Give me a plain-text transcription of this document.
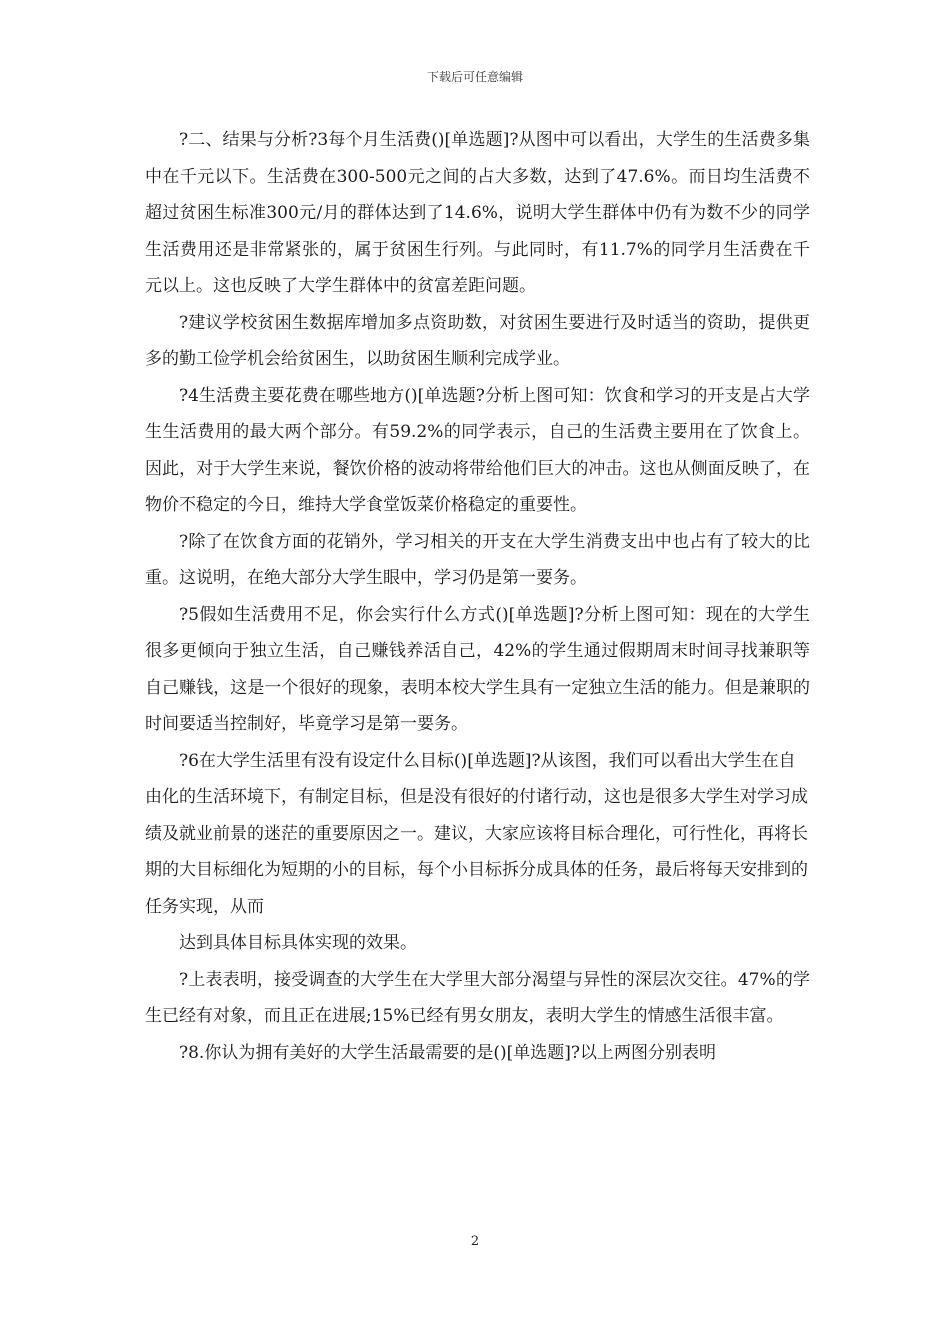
下载后可任意编辑

?二、结果与分析?3每个月生活费()[单选题]?从图中可以看出，大学生的生活费多集中在千元以下。生活费在300-500元之间的占大多数，达到了47.6%。而日均生活费不超过贫困生标准300元/月的群体达到了14.6%，说明大学生群体中仍有为数不少的同学生活费用还是非常紧张的，属于贫困生行列。与此同时，有11.7%的同学月生活费在千元以上。这也反映了大学生群体中的贫富差距问题。

?建议学校贫困生数据库增加多点资助数，对贫困生要进行及时适当的资助，提供更多的勤工俭学机会给贫困生，以助贫困生顺利完成学业。

?4生活费主要花费在哪些地方()[单选题?分析上图可知：饮食和学习的开支是占大学生生活费用的最大两个部分。有59.2%的同学表示，自己的生活费主要用在了饮食上。因此，对于大学生来说，餐饮价格的波动将带给他们巨大的冲击。这也从侧面反映了，在物价不稳定的今日，维持大学食堂饭菜价格稳定的重要性。

?除了在饮食方面的花销外，学习相关的开支在大学生消费支出中也占有了较大的比重。这说明，在绝大部分大学生眼中，学习仍是第一要务。

?5假如生活费用不足，你会实行什么方式()[单选题]?分析上图可知：现在的大学生很多更倾向于独立生活，自己赚钱养活自己，42%的学生通过假期周末时间寻找兼职等自己赚钱，这是一个很好的现象，表明本校大学生具有一定独立生活的能力。但是兼职的时间要适当控制好，毕竟学习是第一要务。

?6在大学生活里有没有设定什么目标()[单选题]?从该图，我们可以看出大学生在自由化的生活环境下，有制定目标，但是没有很好的付诸行动，这也是很多大学生对学习成绩及就业前景的迷茫的重要原因之一。建议，大家应该将目标合理化，可行性化，再将长期的大目标细化为短期的小的目标，每个小目标拆分成具体的任务，最后将每天安排到的任务实现，从而

达到具体目标具体实现的效果。

?上表表明，接受调查的大学生在大学里大部分渴望与异性的深层次交往。47%的学生已经有对象，而且正在进展;15%已经有男女朋友，表明大学生的情感生活很丰富。

?8.你认为拥有美好的大学生活最需要的是()[单选题]?以上两图分别表明

2
